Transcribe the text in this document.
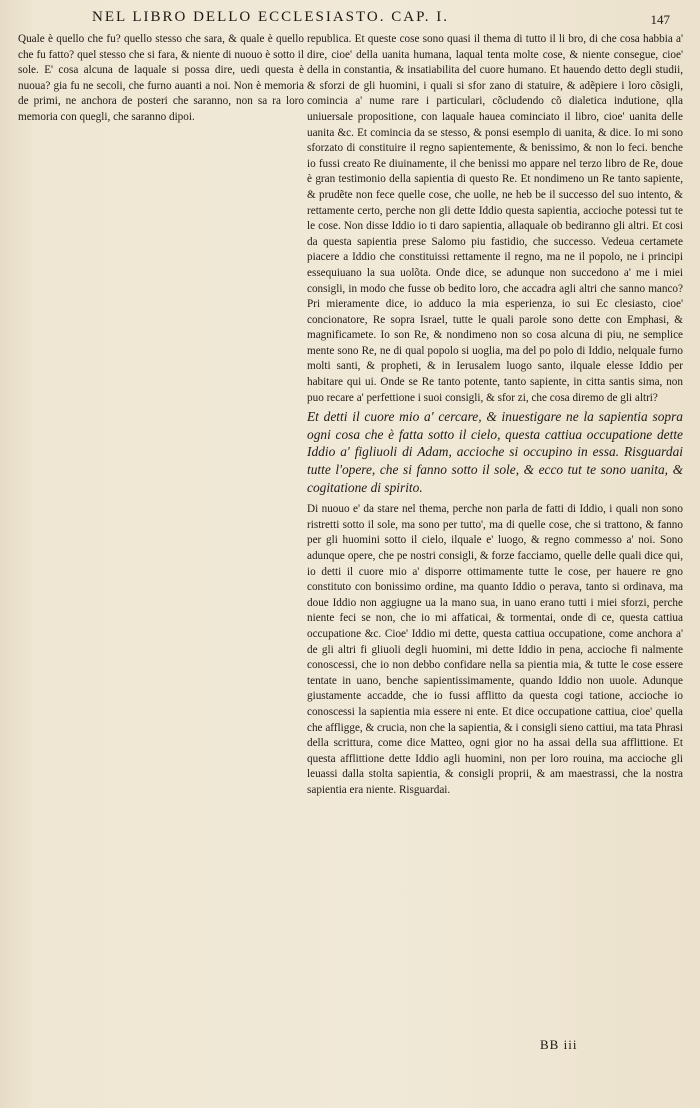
NEL LIBRO DELLO ECCLESIASTO. CAP. I.	147

Quale è quello che fu? quello stesso che sara, & quale è quello che fu fatto? quel stesso che si fara, & niente di nuouo è sotto il sole. E' cosa alcuna de laquale si possa dire, uedi questa è nuoua? gia fu ne secoli, che furno auanti a noi. Non è memoria de primi, ne anchora de posteri che saranno, non sa ra loro memoria con quegli, che saranno dipoi.

republica. Et queste cose sono quasi il thema di tutto il li bro, di che cosa habbia a' dire, cioe' della uanita humana, laqual tenta molte cose, & niente consegue, cioe' della in constantia, & insatiabilita del cuore humano. Et hauendo detto degli studii, & sforzi de gli huomini, i quali si sfor zano di statuire, & adẽpiere i loro cõsigli, comincia a' nume rare i particulari, cõcludendo cõ dialetica indutione, qlla uniuersale propositione, con laquale hauea cominciato il libro, cioe' uanita delle uanita &c. Et comincia da se stesso, & ponsi esemplo di uanita, & dice. Io mi sono sforzato di constituire il regno sapientemente, & benissimo, & non lo feci. benche io fussi creato Re diuinamente, il che benissi mo appare nel terzo libro de Re, doue è gran testimonio della sapientia di questo Re. Et nondimeno un Re tanto sapiente, & prudẽte non fece quelle cose, che uolle, ne heb be il successo del suo intento, & rettamente certo, perche non gli dette Iddio questa sapientia, accioche potessi tut te le cose. Non disse Iddio io ti daro sapientia, allaquale ob bediranno gli altri. Et cosi da questa sapientia prese Salomo piu fastidio, che successo. Vedeua certamete piacere a Iddio che constituissi rettamente il regno, ma ne il popolo, ne i principi essequiuano la sua uolõta. Onde dice, se adunque non succedono a' me i miei consigli, in modo che fusse ob bedito loro, che accadra agli altri che sanno manco? Pri mieramente dice, io adduco la mia esperienza, io sui Ec clesiasto, cioe' concionatore, Re sopra Israel, tutte le quali parole sono dette con Emphasi, & magnificamete. Io son Re, & nondimeno non so cosa alcuna di piu, ne semplice mente sono Re, ne di qual popolo si uoglia, ma del po polo di Iddio, nelquale furno molti santi, & propheti, & in Ierusalem luogo santo, ilquale elesse Iddio per habitare qui ui. Onde se Re tanto potente, tanto sapiente, in citta santis sima, non puo recare a' perfettione i suoi consigli, & sfor zi, che cosa diremo de gli altri?

Et detti il cuore mio a' cercare, & inuestigare ne la sapientia sopra ogni cosa che è fatta sotto il cielo, questa cattiua occupatione dette Iddio a' figliuoli di Adam, accioche si occupino in essa. Risguardai tutte l'opere, che si fanno sotto il sole, & ecco tut te sono uanita, & cogitatione di spirito.

Di nuouo e' da stare nel thema, perche non parla de fatti di Iddio, i quali non sono ristretti sotto il sole, ma sono per tutto', ma di quelle cose, che si trattono, & fanno per gli huomini sotto il cielo, ilquale e' luogo, & regno commesso a' noi. Sono adunque opere, che pe nostri consigli, & forze facciamo, quelle delle quali dice qui, io detti il cuore mio a' disporre ottimamente tutte le cose, per hauere re gno constituto con bonissimo ordine, ma quanto Iddio o perava, tanto si ordinava, ma doue Iddio non aggiugne ua la mano sua, in uano erano tutti i miei sforzi, perche niente feci se non, che io mi affaticai, & tormentai, onde di ce, questa cattiua occupatione &c. Cioe' Iddio mi dette, questa cattiua occupatione, come anchora a' de gli altri fi gliuoli degli huomini, mi dette Iddio in pena, accioche fi nalmente conoscessi, che io non debbo confidare nella sa pientia mia, & tutte le cose essere tentate in uano, benche sapientissimamente, quando Iddio non uuole. Adunque giustamente accadde, che io fussi afflitto da questa cogi tatione, accioche io conoscessi la sapientia mia essere ni ente. Et dice occupatione cattiua, cioe' quella che affligge, & crucia, non che la sapientia, & i consigli sieno cattiui, ma tata Phrasi della scrittura, come dice Matteo, ogni gior no ha assai della sua afflittione. Et questa afflittione dette Iddio agli huomini, non per loro rouina, ma accioche gli leuassi dalla stolta sapientia, & consigli proprii, & am maestrassi, che la nostra sapientia era niente. Risguardai.

BB iii
